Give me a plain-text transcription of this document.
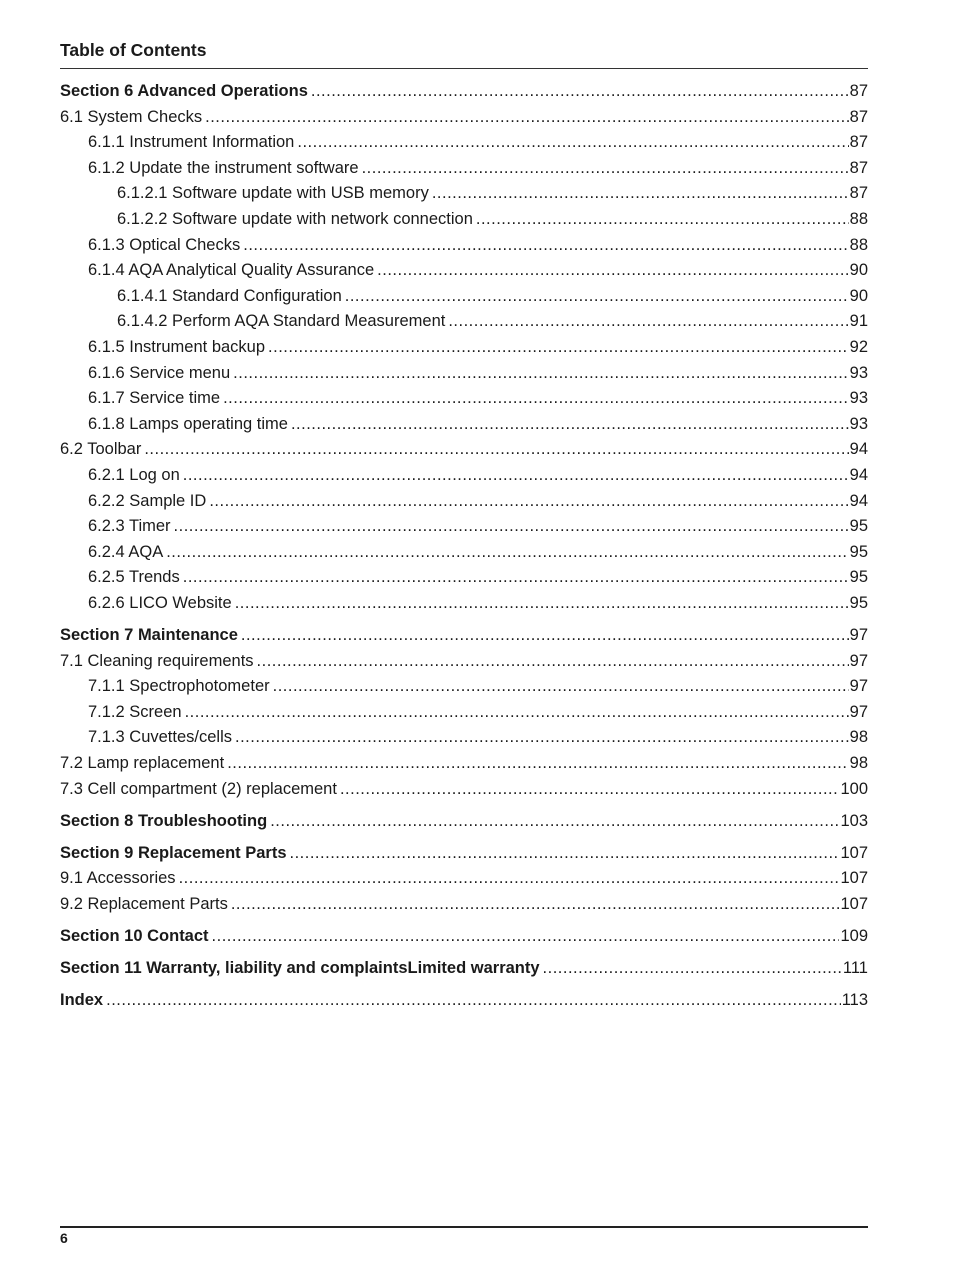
Table of Contents
Section 6 Advanced Operations .....	87
6.1 System Checks .....	87
6.1.1 Instrument Information .....	87
6.1.2 Update the instrument software .....	87
6.1.2.1 Software update with USB memory .....	87
6.1.2.2 Software update with network connection .....	88
6.1.3 Optical Checks .....	88
6.1.4 AQA Analytical Quality Assurance .....	90
6.1.4.1 Standard Configuration .....	90
6.1.4.2 Perform AQA Standard Measurement .....	91
6.1.5 Instrument backup .....	92
6.1.6 Service menu .....	93
6.1.7 Service time .....	93
6.1.8 Lamps operating time .....	93
6.2 Toolbar .....	94
6.2.1 Log on .....	94
6.2.2 Sample ID .....	94
6.2.3 Timer .....	95
6.2.4 AQA .....	95
6.2.5 Trends .....	95
6.2.6 LICO Website .....	95
Section 7 Maintenance .....	97
7.1 Cleaning requirements .....	97
7.1.1 Spectrophotometer .....	97
7.1.2 Screen .....	97
7.1.3 Cuvettes/cells .....	98
7.2 Lamp replacement .....	98
7.3 Cell compartment (2) replacement .....	100
Section 8 Troubleshooting .....	103
Section 9 Replacement Parts .....	107
9.1 Accessories .....	107
9.2 Replacement Parts .....	107
Section 10 Contact .....	109
Section 11 Warranty, liability and complaintsLimited warranty .....	111
Index .....	113
6
